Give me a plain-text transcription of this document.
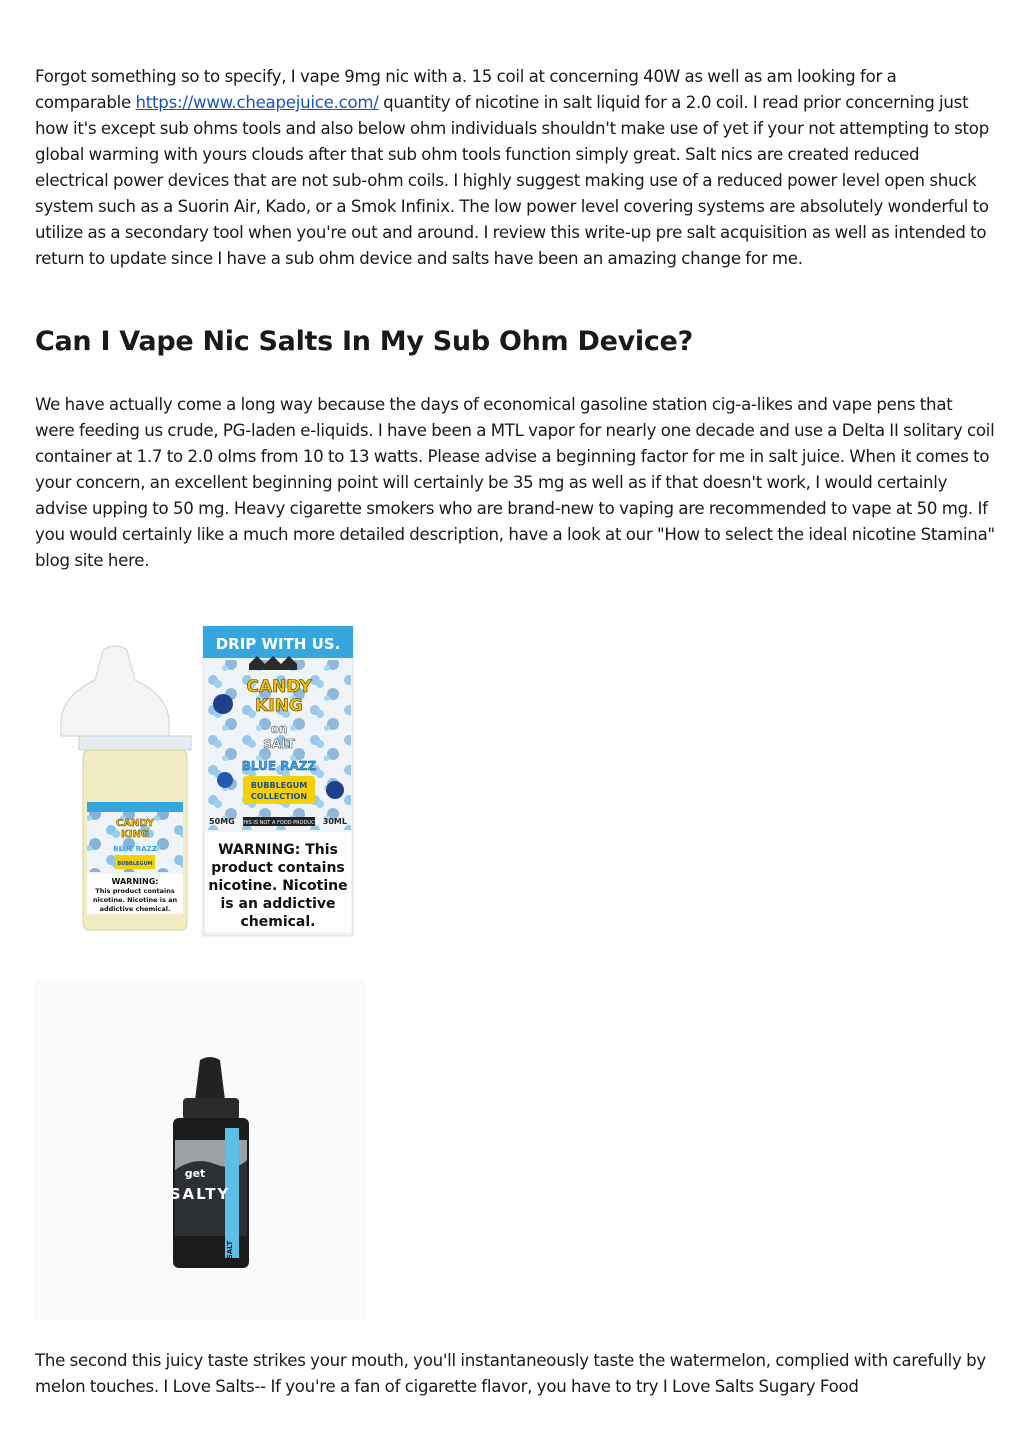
Forgot something so to specify, I vape 9mg nic with a. 15 coil at concerning 40W as well as am looking for a comparable https://www.cheapejuice.com/ quantity of nicotine in salt liquid for a 2.0 coil. I read prior concerning just how it's except sub ohms tools and also below ohm individuals shouldn't make use of yet if your not attempting to stop global warming with yours clouds after that sub ohm tools function simply great. Salt nics are created reduced electrical power devices that are not sub-ohm coils. I highly suggest making use of a reduced power level open shuck system such as a Suorin Air, Kado, or a Smok Infinix. The low power level covering systems are absolutely wonderful to utilize as a secondary tool when you're out and around. I review this write-up pre salt acquisition as well as intended to return to update since I have a sub ohm device and salts have been an amazing change for me.

Can I Vape Nic Salts In My Sub Ohm Device?

We have actually come a long way because the days of economical gasoline station cig-a-likes and vape pens that were feeding us crude, PG-laden e-liquids. I have been a MTL vapor for nearly one decade and use a Delta II solitary coil container at 1.7 to 2.0 olms from 10 to 13 watts. Please advise a beginning factor for me in salt juice. When it comes to your concern, an excellent beginning point will certainly be 35 mg as well as if that doesn't work, I would certainly advise upping to 50 mg. Heavy cigarette smokers who are brand-new to vaping are recommended to vape at 50 mg. If you would certainly like a much more detailed description, have a look at our "How to select the ideal nicotine Stamina" blog site here.

DRIP WITH US.
CANDY
KING
on
SALT
BLUE RAZZ
BUBBLEGUM
COLLECTION
50MG	30ML
THIS IS NOT A FOOD PRODUCT
WARNING: This
product contains
nicotine. Nicotine
is an addictive
chemical.
CANDY
KING
BLUE RAZZ
BUBBLEGUM
WARNING:
This product contains
nicotine. Nicotine is an
addictive chemical.
get
SALTY
SALT

The second this juicy taste strikes your mouth, you'll instantaneously taste the watermelon, complied with carefully by melon touches. I Love Salts-- If you're a fan of cigarette flavor, you have to try I Love Salts Sugary Food
